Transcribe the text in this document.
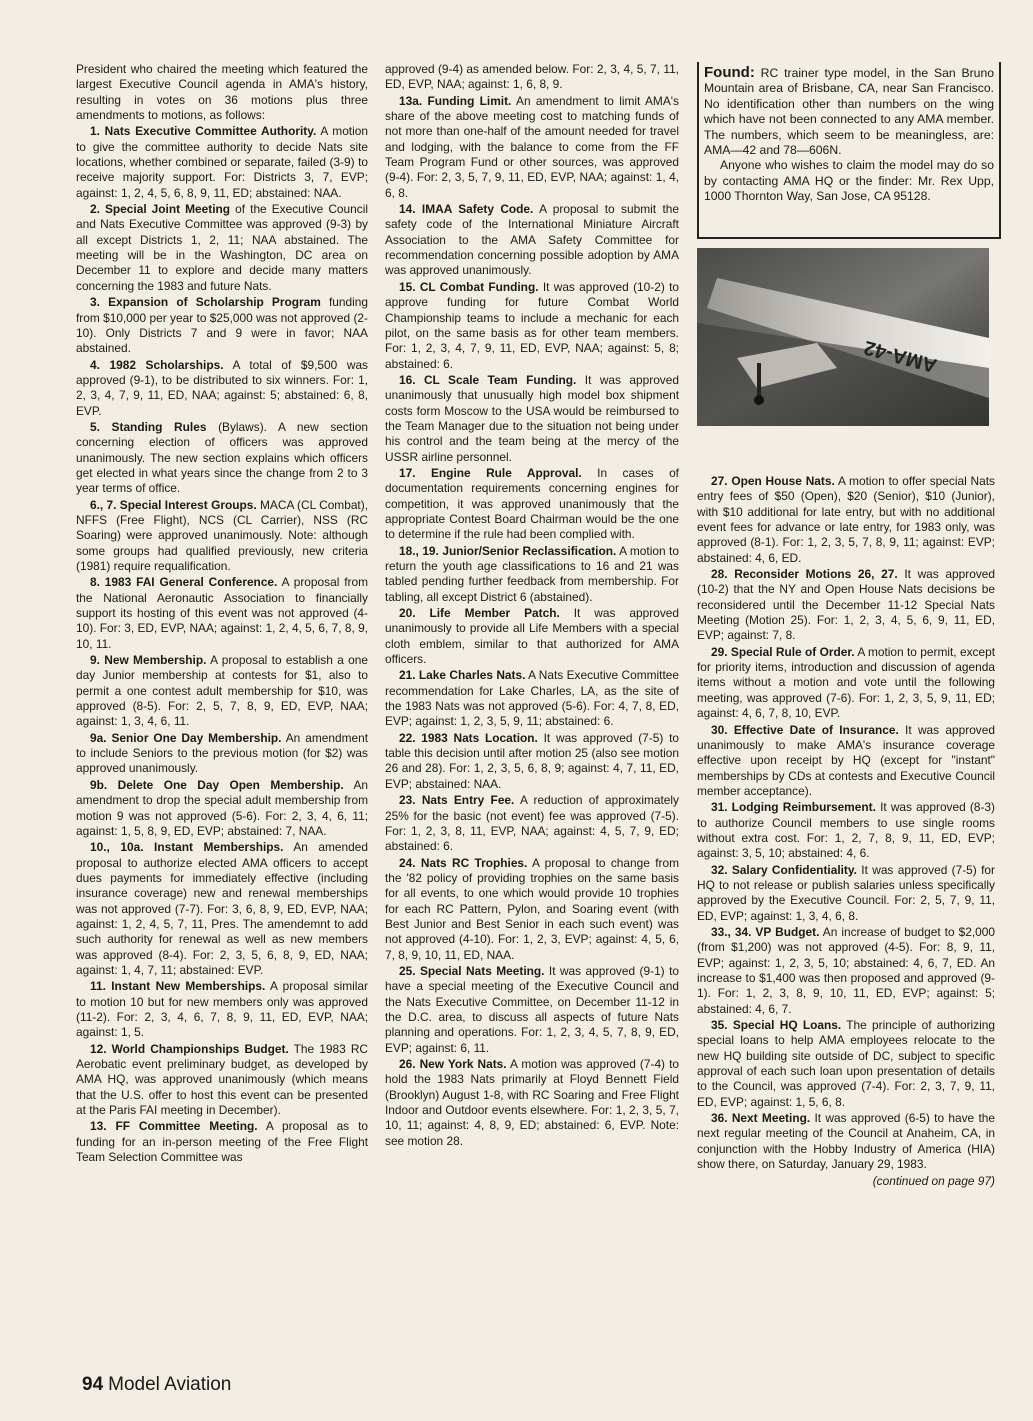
President who chaired the meeting which featured the largest Executive Council agenda in AMA's history, resulting in votes on 36 motions plus three amendments to motions, as follows:

1. Nats Executive Committee Authority. A motion to give the committee authority to decide Nats site locations, whether combined or separate, failed (3-9) to receive majority support. For: Districts 3, 7, EVP; against: 1, 2, 4, 5, 6, 8, 9, 11, ED; abstained: NAA.

2. Special Joint Meeting of the Executive Council and Nats Executive Committee was approved (9-3) by all except Districts 1, 2, 11; NAA abstained. The meeting will be in the Washington, DC area on December 11 to explore and decide many matters concerning the 1983 and future Nats.

3. Expansion of Scholarship Program funding from $10,000 per year to $25,000 was not approved (2-10). Only Districts 7 and 9 were in favor; NAA abstained.

4. 1982 Scholarships. A total of $9,500 was approved (9-1), to be distributed to six winners. For: 1, 2, 3, 4, 7, 9, 11, ED, NAA; against: 5; abstained: 6, 8, EVP.

5. Standing Rules (Bylaws). A new section concerning election of officers was approved unanimously. The new section explains which officers get elected in what years since the change from 2 to 3 year terms of office.

6., 7. Special Interest Groups. MACA (CL Combat), NFFS (Free Flight), NCS (CL Carrier), NSS (RC Soaring) were approved unanimously. Note: although some groups had qualified previously, new criteria (1981) require requalification.

8. 1983 FAI General Conference. A proposal from the National Aeronautic Association to financially support its hosting of this event was not approved (4-10). For: 3, ED, EVP, NAA; against: 1, 2, 4, 5, 6, 7, 8, 9, 10, 11.

9. New Membership. A proposal to establish a one day Junior membership at contests for $1, also to permit a one contest adult membership for $10, was approved (8-5). For: 2, 5, 7, 8, 9, ED, EVP, NAA; against: 1, 3, 4, 6, 11.

9a. Senior One Day Membership. An amendment to include Seniors to the previous motion (for $2) was approved unanimously.

9b. Delete One Day Open Membership. An amendment to drop the special adult membership from motion 9 was not approved (5-6). For: 2, 3, 4, 6, 11; against: 1, 5, 8, 9, ED, EVP; abstained: 7, NAA.

10., 10a. Instant Memberships. An amended proposal to authorize elected AMA officers to accept dues payments for immediately effective (including insurance coverage) new and renewal memberships was not approved (7-7). For: 3, 6, 8, 9, ED, EVP, NAA; against: 1, 2, 4, 5, 7, 11, Pres. The amendemnt to add such authority for renewal as well as new members was approved (8-4). For: 2, 3, 5, 6, 8, 9, ED, NAA; against: 1, 4, 7, 11; abstained: EVP.

11. Instant New Memberships. A proposal similar to motion 10 but for new members only was approved (11-2). For: 2, 3, 4, 6, 7, 8, 9, 11, ED, EVP, NAA; against: 1, 5.

12. World Championships Budget. The 1983 RC Aerobatic event preliminary budget, as developed by AMA HQ, was approved unanimously (which means that the U.S. offer to host this event can be presented at the Paris FAI meeting in December).

13. FF Committee Meeting. A proposal as to funding for an in-person meeting of the Free Flight Team Selection Committee was

approved (9-4) as amended below. For: 2, 3, 4, 5, 7, 11, ED, EVP, NAA; against: 1, 6, 8, 9.

13a. Funding Limit. An amendment to limit AMA's share of the above meeting cost to matching funds of not more than one-half of the amount needed for travel and lodging, with the balance to come from the FF Team Program Fund or other sources, was approved (9-4). For: 2, 3, 5, 7, 9, 11, ED, EVP, NAA; against: 1, 4, 6, 8.

14. IMAA Safety Code. A proposal to submit the safety code of the International Miniature Aircraft Association to the AMA Safety Committee for recommendation concerning possible adoption by AMA was approved unanimously.

15. CL Combat Funding. It was approved (10-2) to approve funding for future Combat World Championship teams to include a mechanic for each pilot, on the same basis as for other team members. For: 1, 2, 3, 4, 7, 9, 11, ED, EVP, NAA; against: 5, 8; abstained: 6.

16. CL Scale Team Funding. It was approved unanimously that unusually high model box shipment costs form Moscow to the USA would be reimbursed to the Team Manager due to the situation not being under his control and the team being at the mercy of the USSR airline personnel.

17. Engine Rule Approval. In cases of documentation requirements concerning engines for competition, it was approved unanimously that the appropriate Contest Board Chairman would be the one to determine if the rule had been complied with.

18., 19. Junior/Senior Reclassification. A motion to return the youth age classifications to 16 and 21 was tabled pending further feedback from membership. For tabling, all except District 6 (abstained).

20. Life Member Patch. It was approved unanimously to provide all Life Members with a special cloth emblem, similar to that authorized for AMA officers.

21. Lake Charles Nats. A Nats Executive Committee recommendation for Lake Charles, LA, as the site of the 1983 Nats was not approved (5-6). For: 4, 7, 8, ED, EVP; against: 1, 2, 3, 5, 9, 11; abstained: 6.

22. 1983 Nats Location. It was approved (7-5) to table this decision until after motion 25 (also see motion 26 and 28). For: 1, 2, 3, 5, 6, 8, 9; against: 4, 7, 11, ED, EVP; abstained: NAA.

23. Nats Entry Fee. A reduction of approximately 25% for the basic (not event) fee was approved (7-5). For: 1, 2, 3, 8, 11, EVP, NAA; against: 4, 5, 7, 9, ED; abstained: 6.

24. Nats RC Trophies. A proposal to change from the '82 policy of providing trophies on the same basis for all events, to one which would provide 10 trophies for each RC Pattern, Pylon, and Soaring event (with Best Junior and Best Senior in each such event) was not approved (4-10). For: 1, 2, 3, EVP; against: 4, 5, 6, 7, 8, 9, 10, 11, ED, NAA.

25. Special Nats Meeting. It was approved (9-1) to have a special meeting of the Executive Council and the Nats Executive Committee, on December 11-12 in the D.C. area, to discuss all aspects of future Nats planning and operations. For: 1, 2, 3, 4, 5, 7, 8, 9, ED, EVP; against: 6, 11.

26. New York Nats. A motion was approved (7-4) to hold the 1983 Nats primarily at Floyd Bennett Field (Brooklyn) August 1-8, with RC Soaring and Free Flight Indoor and Outdoor events elsewhere. For: 1, 2, 3, 5, 7, 10, 11; against: 4, 8, 9, ED; abstained: 6, EVP. Note: see motion 28.

Found: RC trainer type model, in the San Bruno Mountain area of Brisbane, CA, near San Francisco. No identification other than numbers on the wing which have not been connected to any AMA member. The numbers, which seem to be meaningless, are: AMA—42 and 78—606N.

Anyone who wishes to claim the model may do so by contacting AMA HQ or the finder: Mr. Rex Upp, 1000 Thornton Way, San Jose, CA 95128.

AMA-42

27. Open House Nats. A motion to offer special Nats entry fees of $50 (Open), $20 (Senior), $10 (Junior), with $10 additional for late entry, but with no additional event fees for advance or late entry, for 1983 only, was approved (8-1). For: 1, 2, 3, 5, 7, 8, 9, 11; against: EVP; abstained: 4, 6, ED.

28. Reconsider Motions 26, 27. It was approved (10-2) that the NY and Open House Nats decisions be reconsidered until the December 11-12 Special Nats Meeting (Motion 25). For: 1, 2, 3, 4, 5, 6, 9, 11, ED, EVP; against: 7, 8.

29. Special Rule of Order. A motion to permit, except for priority items, introduction and discussion of agenda items without a motion and vote until the following meeting, was approved (7-6). For: 1, 2, 3, 5, 9, 11, ED; against: 4, 6, 7, 8, 10, EVP.

30. Effective Date of Insurance. It was approved unanimously to make AMA's insurance coverage effective upon receipt by HQ (except for "instant" memberships by CDs at contests and Executive Council member acceptance).

31. Lodging Reimbursement. It was approved (8-3) to authorize Council members to use single rooms without extra cost. For: 1, 2, 7, 8, 9, 11, ED, EVP; against: 3, 5, 10; abstained: 4, 6.

32. Salary Confidentiality. It was approved (7-5) for HQ to not release or publish salaries unless specifically approved by the Executive Council. For: 2, 5, 7, 9, 11, ED, EVP; against: 1, 3, 4, 6, 8.

33., 34. VP Budget. An increase of budget to $2,000 (from $1,200) was not approved (4-5). For: 8, 9, 11, EVP; against: 1, 2, 3, 5, 10; abstained: 4, 6, 7, ED. An increase to $1,400 was then proposed and approved (9-1). For: 1, 2, 3, 8, 9, 10, 11, ED, EVP; against: 5; abstained: 4, 6, 7.

35. Special HQ Loans. The principle of authorizing special loans to help AMA employees relocate to the new HQ building site outside of DC, subject to specific approval of each such loan upon presentation of details to the Council, was approved (7-4). For: 2, 3, 7, 9, 11, ED, EVP; against: 1, 5, 6, 8.

36. Next Meeting. It was approved (6-5) to have the next regular meeting of the Council at Anaheim, CA, in conjunction with the Hobby Industry of America (HIA) show there, on Saturday, January 29, 1983.

(continued on page 97)
94 Model Aviation
